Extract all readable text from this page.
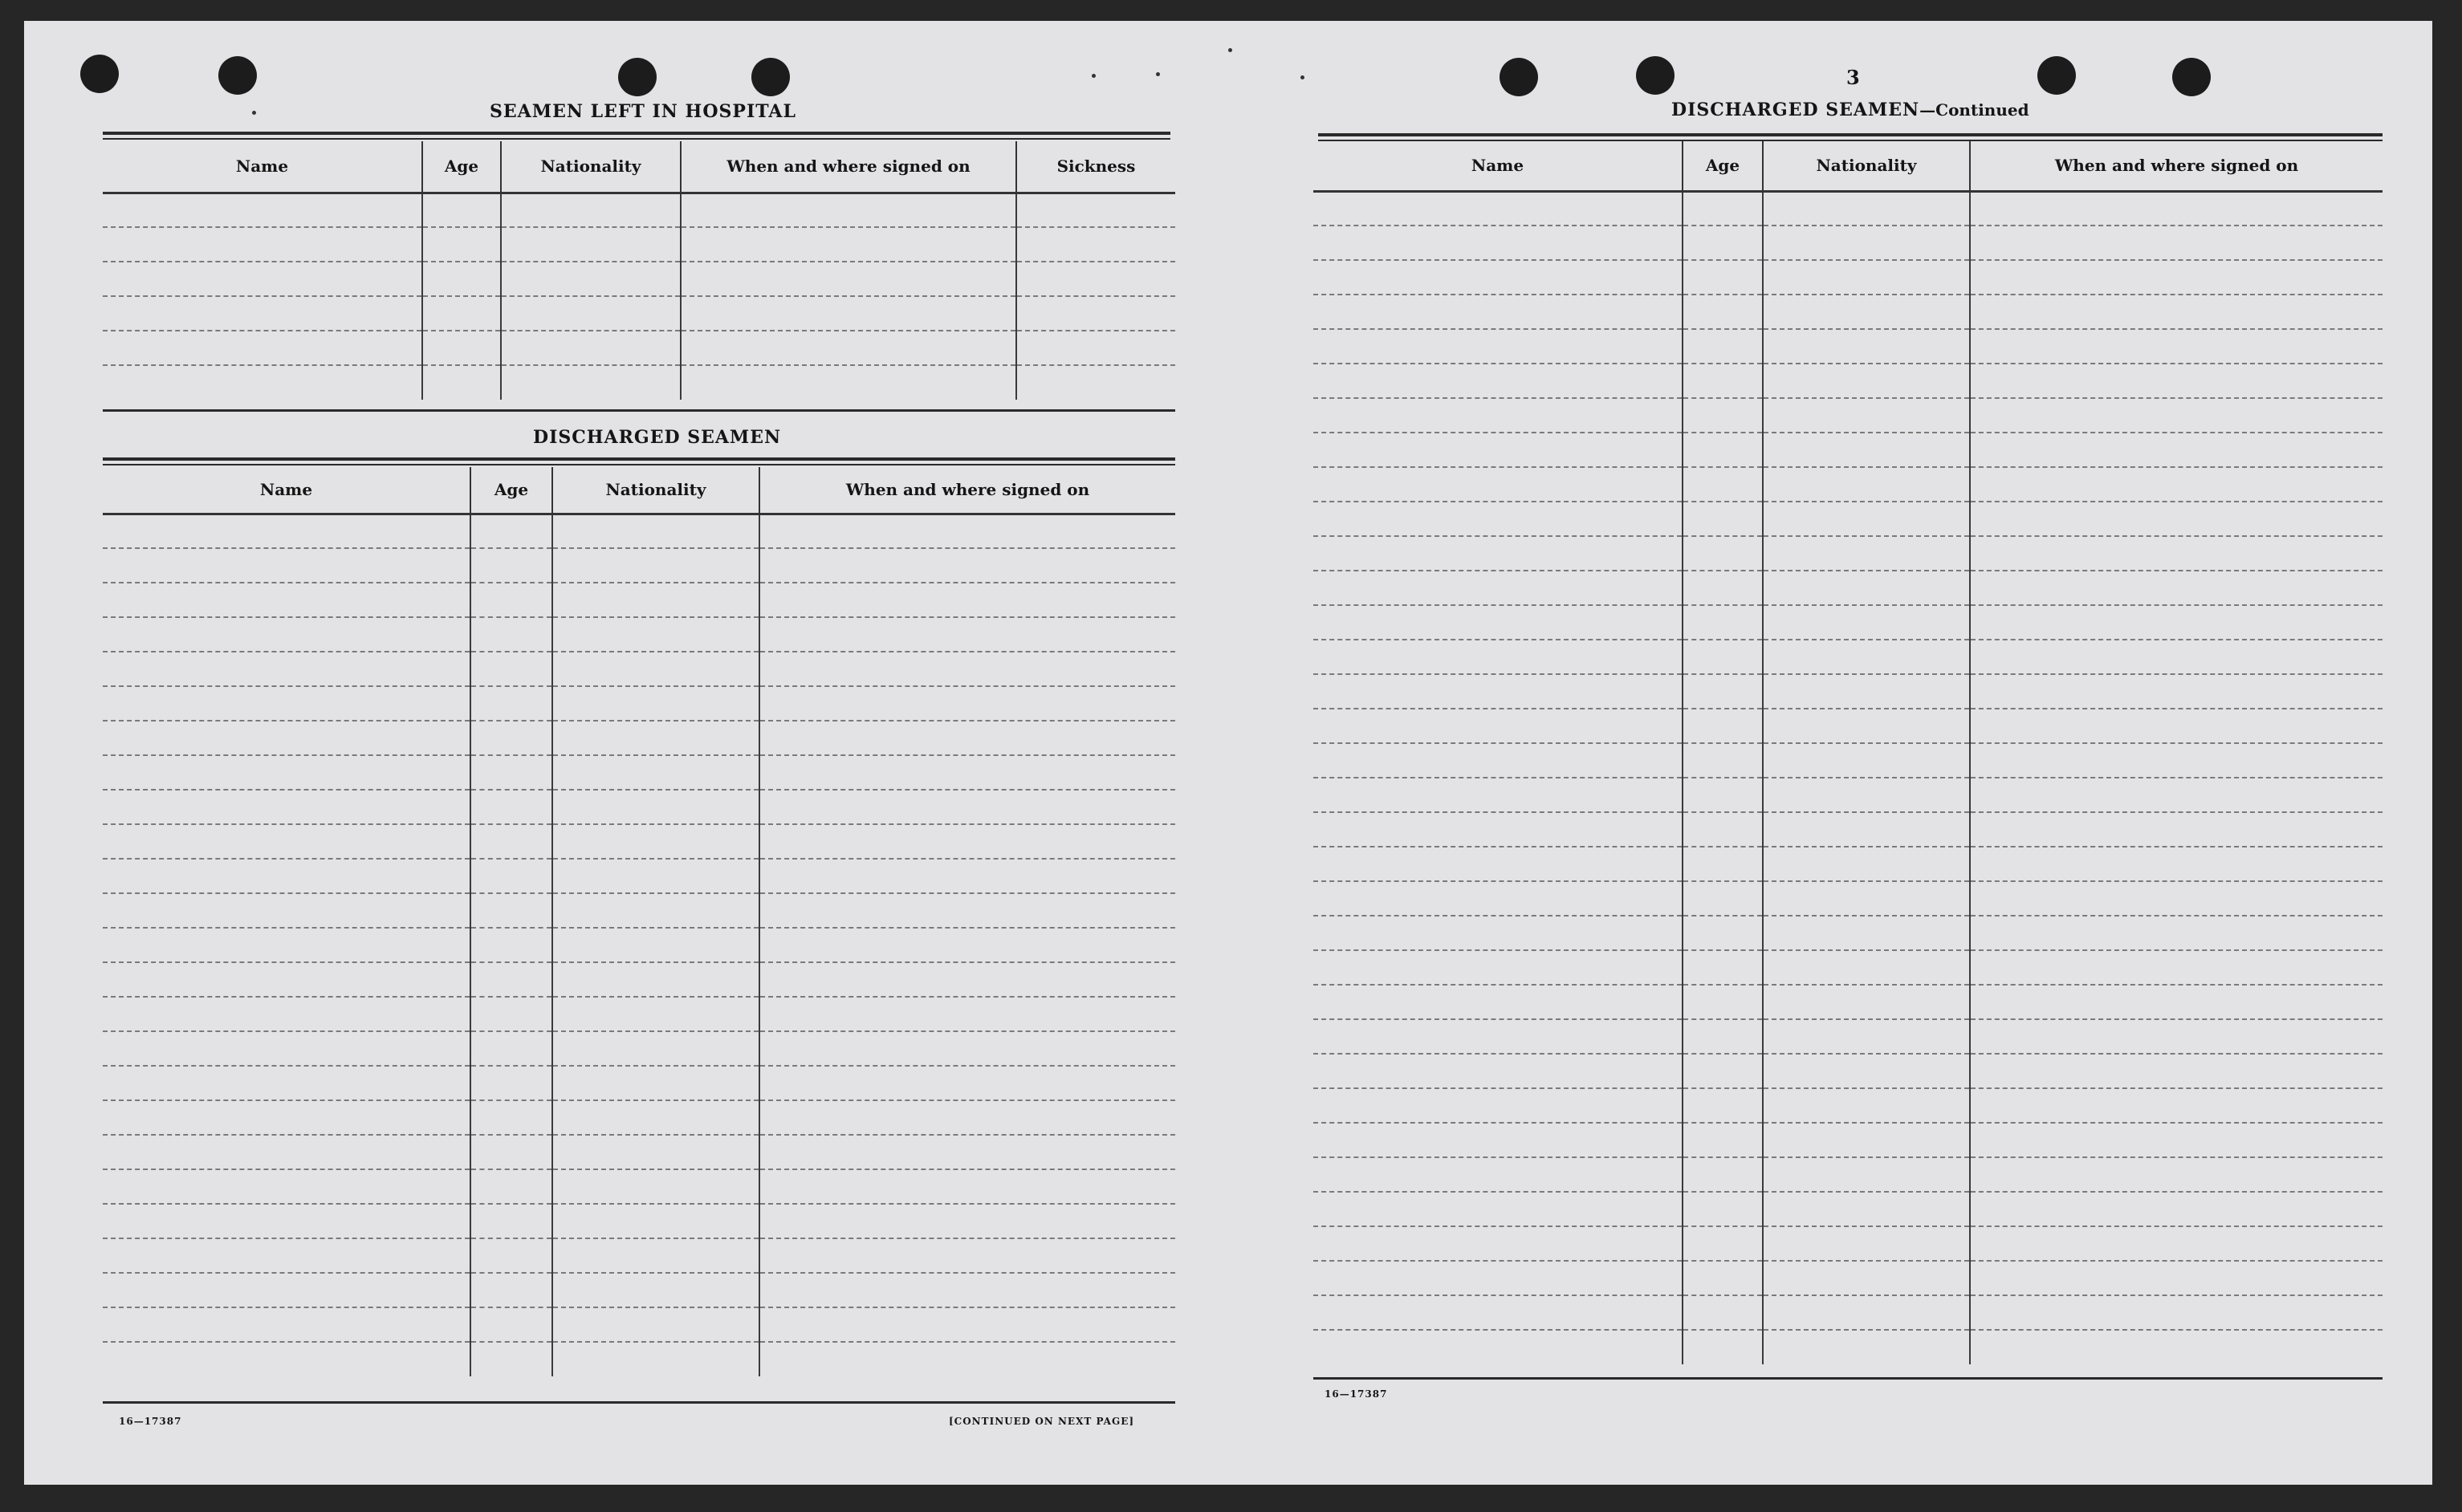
3
SEAMEN LEFT IN HOSPITAL
Name	Age	Nationality	When and where signed on	Sickness

DISCHARGED SEAMEN
Name	Age	Nationality	When and where signed on

16—17387	[CONTINUED ON NEXT PAGE]
DISCHARGED SEAMEN—Continued
Name	Age	Nationality	When and where signed on

16—17387
